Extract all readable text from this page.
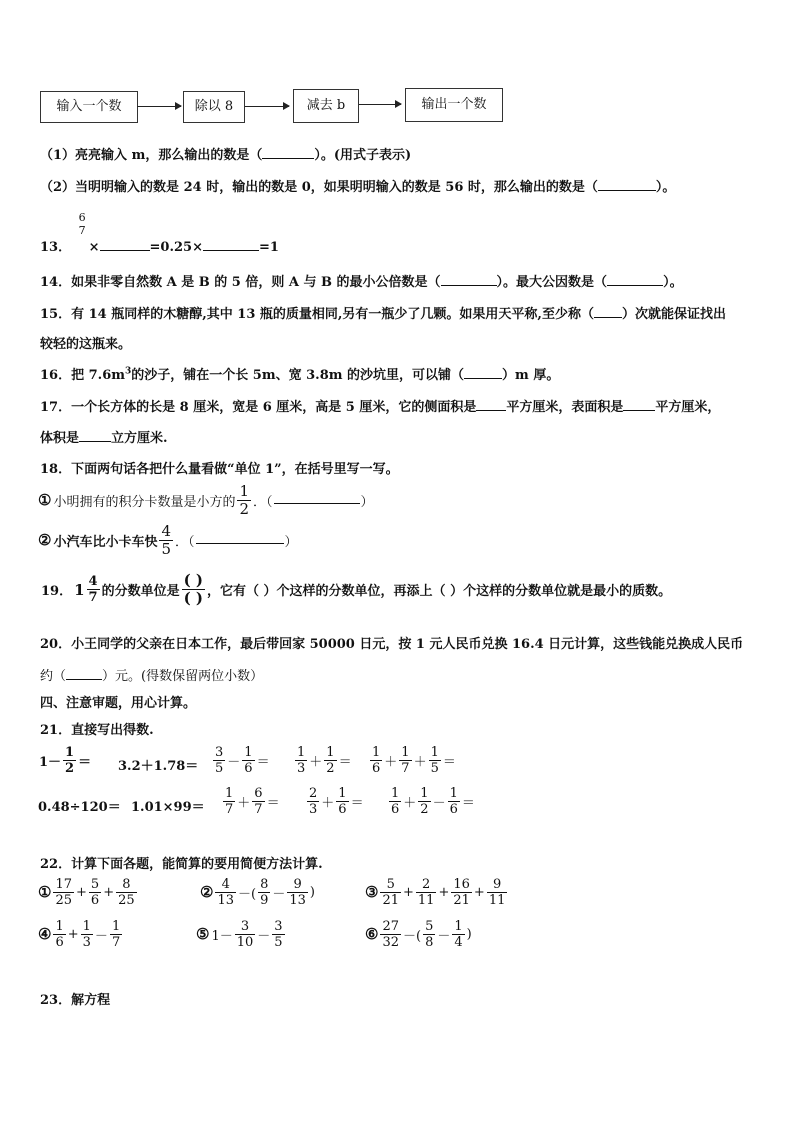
输入一个数	除以 8	减去 b	输出一个数
（1）亮亮输入 m，那么输出的数是（	）。(用式子表示)
（2）当明明输入的数是 24 时，输出的数是 0，如果明明输入的数是 56 时，那么输出的数是（	）。
13．
6
7
×	=0.25×	=1
14．如果非零自然数 A 是 B 的 5 倍，则 A 与 B 的最小公倍数是（	）。最大公因数是（	）。
15．有 14 瓶同样的木糖醇,其中 13 瓶的质量相同,另有一瓶少了几颗。如果用天平称,至少称（ ）次就能保证找出
较轻的这瓶来。
16．把 $7.6m^3$的沙子，铺在一个长 5m、宽 3.8m 的沙坑里，可以铺（	）m 厚。
17．一个长方体的长是 8 厘米，宽是 6 厘米，高是 5 厘米，它的侧面积是 平方厘米，表面积是 平方厘米，
体积是 立方厘米.
18．下面两句话各把什么量看做“单位 1”，在括号里写一写。
① 小明拥有的积分卡数量是小方的 $\frac{1}{2}$ ．（	）
② 小汽车比小卡车快 $\frac{4}{5}$ ．（	）
19． $1 \frac{4}{7}$ 的分数单位是 $\frac{( )}{( )}$ ，它有（ ）个这样的分数单位，再添上（ ）个这样的分数单位就是最小的质数。
20．小王同学的父亲在日本工作，最后带回家 50000 日元，按 1 元人民币兑换 16.4 日元计算，这些钱能兑换成人民币
约（	）元。(得数保留两位小数）
四、注意审题，用心计算。
21．直接写出得数.
$1- \frac{1}{2} = 3.2+1.78= \frac{3}{5} - \frac{1}{6} = \frac{1}{3} + \frac{1}{2} = \frac{1}{6} + \frac{1}{7} + \frac{1}{5}$ ＝
$0.48\div 120= 1.01\times 99= \frac{1}{7} + \frac{6}{7} = \frac{2}{3} + \frac{1}{6} = \frac{1}{6} + \frac{1}{2} - \frac{1}{6}$ ＝
22．计算下面各题，能简算的要用简便方法计算.
① $\frac{17}{25} + \frac{5}{6} + \frac{8}{25}$	② $\frac{4}{13}$ －( $\frac{8}{9} - \frac{9}{13}$ )	③ $\frac{5}{21} + \frac{2}{11} + \frac{16}{21} + \frac{9}{11}$
④ $\frac{1}{6} + \frac{1}{3} - \frac{1}{7}$	⑤ $1- \frac{3}{10} - \frac{3}{5}$	⑥ $\frac{27}{32}$ －( $\frac{5}{8} - \frac{1}{4}$ )
23．解方程
